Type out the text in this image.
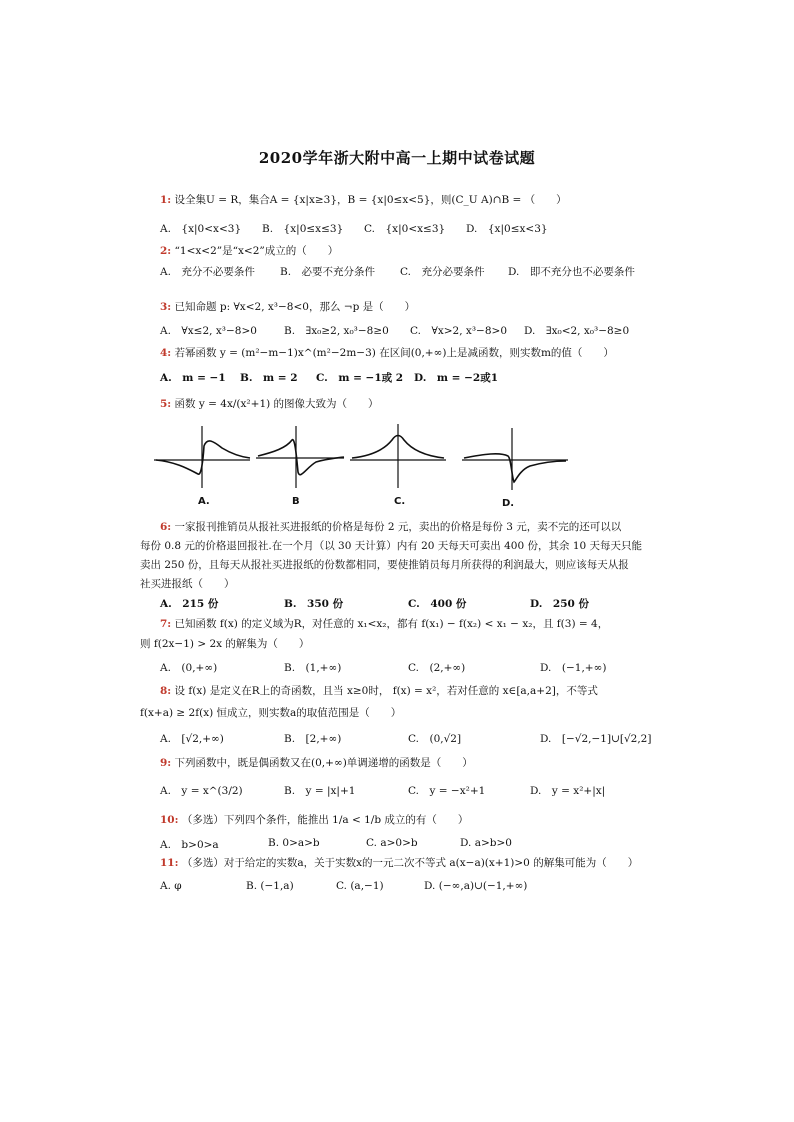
2020学年浙大附中高一上期中试卷试题
1: 设全集U = R，集合A = {x|x≥3}，B = {x|0≤x<5}，则(C_U A)∩B = （　　）
A.　{x|0<x<3} B.　{x|0≤x≤3} C.　{x|0<x≤3} D.　{x|0≤x<3}
2: “1<x<2”是“x<2”成立的（　　）
A.　充分不必要条件 B.　必要不充分条件 C.　充分必要条件 D.　即不充分也不必要条件
3: 已知命题 p: ∀x<2, x³−8<0，那么 ¬p 是（　　）
A.　∀x≤2, x³−8>0	B.　∃x₀≥2, x₀³−8≥0 C.　∀x>2, x³−8>0 D.　∃x₀<2, x₀³−8≥0
4: 若幂函数 y = (m²−m−1)x^(m²−2m−3) 在区间(0,+∞)上是减函数，则实数m的值（　　）
A.　m = −1 B.　m = 2 C.　m = −1或 2 D.　m = −2或1
5: 函数 y = 4x/(x²+1) 的图像大致为（　　）
A.	B	C.	D.
6: 一家报刊推销员从报社买进报纸的价格是每份 2 元，卖出的价格是每份 3 元，卖不完的还可以以
每份 0.8 元的价格退回报社.在一个月（以 30 天计算）内有 20 天每天可卖出 400 份，其余 10 天每天只能
卖出 250 份，且每天从报社买进报纸的份数都相同，要使推销员每月所获得的利润最大，则应该每天从报
社买进报纸（　　）
A.　215 份	B.　350 份	C.　400 份	D.　250 份
7: 已知函数 f(x) 的定义域为R，对任意的 x₁<x₂，都有 f(x₁) − f(x₂) < x₁ − x₂，且 f(3) = 4，
则 f(2x−1) > 2x 的解集为（　　）
A.　(0,+∞)	B.　(1,+∞)	C.　(2,+∞)	D.　(−1,+∞)
8: 设 f(x) 是定义在R上的奇函数，且当 x≥0时， f(x) = x²，若对任意的 x∈[a,a+2]，不等式
f(x+a) ≥ 2f(x) 恒成立，则实数a的取值范围是（　　）
A.　[√2,+∞)	B.　[2,+∞)	C.　(0,√2]	D.　[−√2,−1]∪[√2,2]
9: 下列函数中，既是偶函数又在(0,+∞)单调递增的函数是（　　）
A.　y = x^(3/2)	B.　y = |x|+1	C.　y = −x²+1	D.　y = x²+|x|
10: （多选）下列四个条件，能推出 1/a < 1/b 成立的有（　　）
A.　b>0>a	B. 0>a>b	C. a>0>b	D. a>b>0
11: （多选）对于给定的实数a，关于实数x的一元二次不等式 a(x−a)(x+1)>0 的解集可能为（　　）
A. φ	B. (−1,a)	C. (a,−1)	D. (−∞,a)∪(−1,+∞)
